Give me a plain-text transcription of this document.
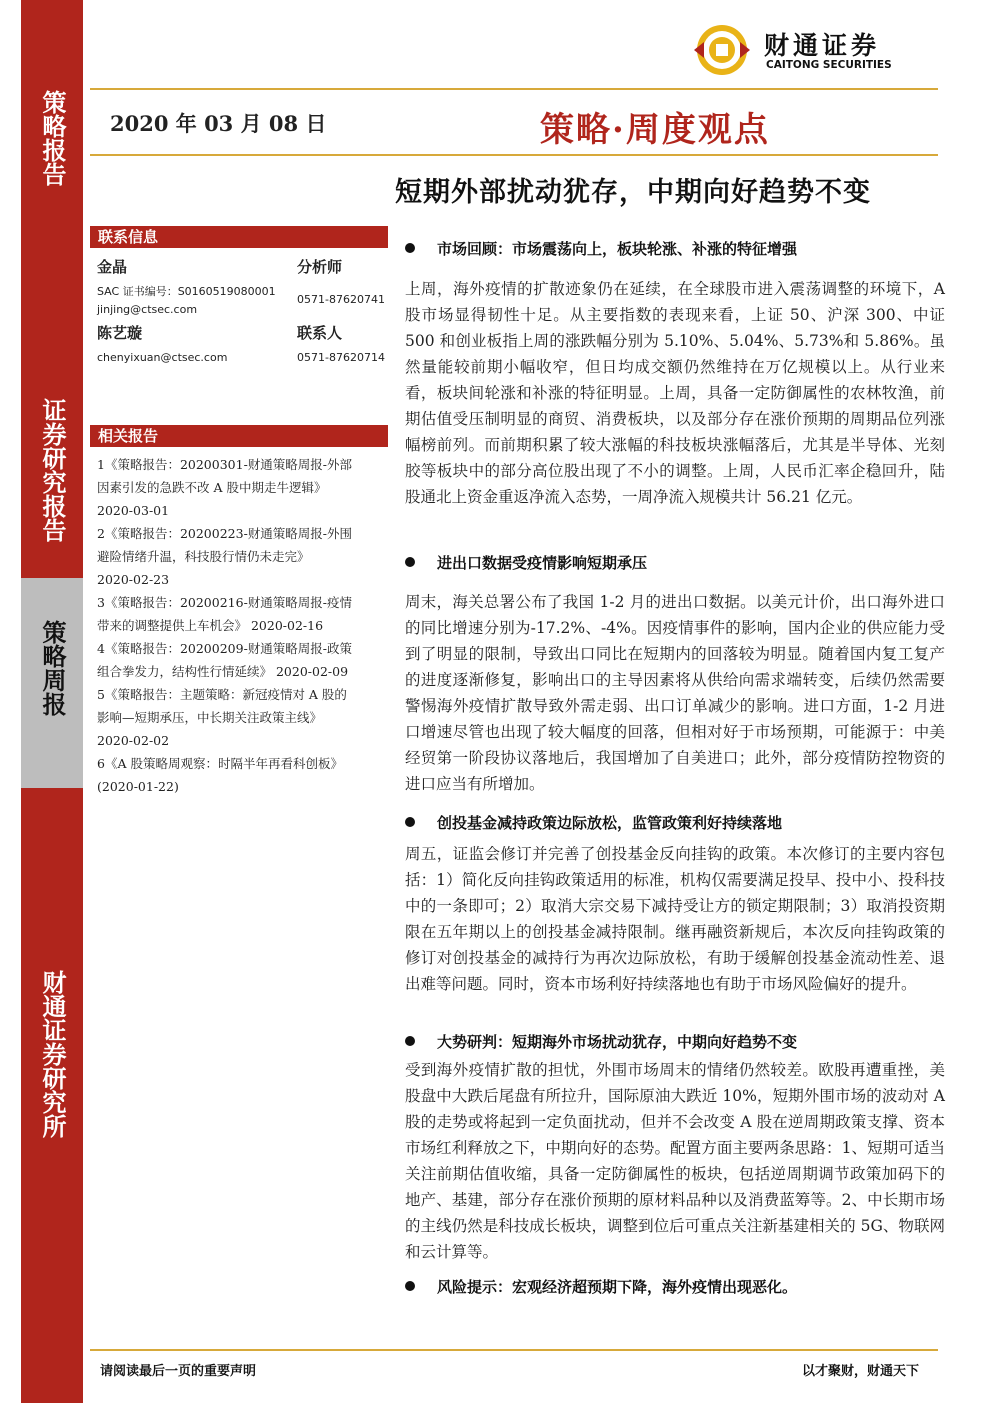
策略报告
证券研究报告
策略周报
财通证券研究所
财通证券
CAITONG SECURITIES
2020 年 03 月 08 日	策略·周度观点
短期外部扰动犹存，中期向好趋势不变
联系信息
金晶	分析师
SAC 证书编号：S0160519080001
0571-87620741
jinjing@ctsec.com
陈艺璇	联系人
chenyixuan@ctsec.com	0571-87620714
相关报告
1《策略报告：20200301-财通策略周报-外部
因素引发的急跌不改 A 股中期走牛逻辑》
2020-03-01
2《策略报告：20200223-财通策略周报-外围
避险情绪升温，科技股行情仍未走完》
2020-02-23
3《策略报告：20200216-财通策略周报-疫情
带来的调整提供上车机会》 2020-02-16
4《策略报告：20200209-财通策略周报-政策
组合拳发力，结构性行情延续》 2020-02-09
5《策略报告：主题策略：新冠疫情对 A 股的
影响—短期承压，中长期关注政策主线》
2020-02-02
6《A 股策略周观察：时隔半年再看科创板》
(2020-01-22)
市场回顾：市场震荡向上，板块轮涨、补涨的特征增强
上周，海外疫情的扩散迹象仍在延续，在全球股市进入震荡调整的环境下，A 股市场显得韧性十足。从主要指数的表现来看，上证 50、沪深 300、中证 500 和创业板指上周的涨跌幅分别为 5.10%、5.04%、5.73%和 5.86%。虽然量能较前期小幅收窄，但日均成交额仍然维持在万亿规模以上。从行业来看，板块间轮涨和补涨的特征明显。上周，具备一定防御属性的农林牧渔，前期估值受压制明显的商贸、消费板块，以及部分存在涨价预期的周期品位列涨幅榜前列。而前期积累了较大涨幅的科技板块涨幅落后，尤其是半导体、光刻胶等板块中的部分高位股出现了不小的调整。上周，人民币汇率企稳回升，陆股通北上资金重返净流入态势，一周净流入规模共计 56.21 亿元。
进出口数据受疫情影响短期承压
周末，海关总署公布了我国 1-2 月的进出口数据。以美元计价，出口海外进口的同比增速分别为-17.2%、-4%。因疫情事件的影响，国内企业的供应能力受到了明显的限制，导致出口同比在短期内的回落较为明显。随着国内复工复产的进度逐渐修复，影响出口的主导因素将从供给向需求端转变，后续仍然需要警惕海外疫情扩散导致外需走弱、出口订单减少的影响。进口方面，1-2 月进口增速尽管也出现了较大幅度的回落，但相对好于市场预期，可能源于：中美经贸第一阶段协议落地后，我国增加了自美进口；此外，部分疫情防控物资的进口应当有所增加。
创投基金减持政策边际放松，监管政策利好持续落地
周五，证监会修订并完善了创投基金反向挂钩的政策。本次修订的主要内容包括：1）简化反向挂钩政策适用的标准，机构仅需要满足投早、投中小、投科技中的一条即可；2）取消大宗交易下减持受让方的锁定期限制；3）取消投资期限在五年期以上的创投基金减持限制。继再融资新规后，本次反向挂钩政策的修订对创投基金的减持行为再次边际放松，有助于缓解创投基金流动性差、退出难等问题。同时，资本市场利好持续落地也有助于市场风险偏好的提升。
大势研判：短期海外市场扰动犹存，中期向好趋势不变
受到海外疫情扩散的担忧，外围市场周末的情绪仍然较差。欧股再遭重挫，美股盘中大跌后尾盘有所拉升，国际原油大跌近 10%，短期外围市场的波动对 A 股的走势或将起到一定负面扰动，但并不会改变 A 股在逆周期政策支撑、资本市场红利释放之下，中期向好的态势。配置方面主要两条思路：1、短期可适当关注前期估值收缩，具备一定防御属性的板块，包括逆周期调节政策加码下的地产、基建，部分存在涨价预期的原材料品种以及消费蓝筹等。2、中长期市场的主线仍然是科技成长板块，调整到位后可重点关注新基建相关的 5G、物联网和云计算等。
风险提示：宏观经济超预期下降，海外疫情出现恶化。
请阅读最后一页的重要声明	以才聚财，财通天下
